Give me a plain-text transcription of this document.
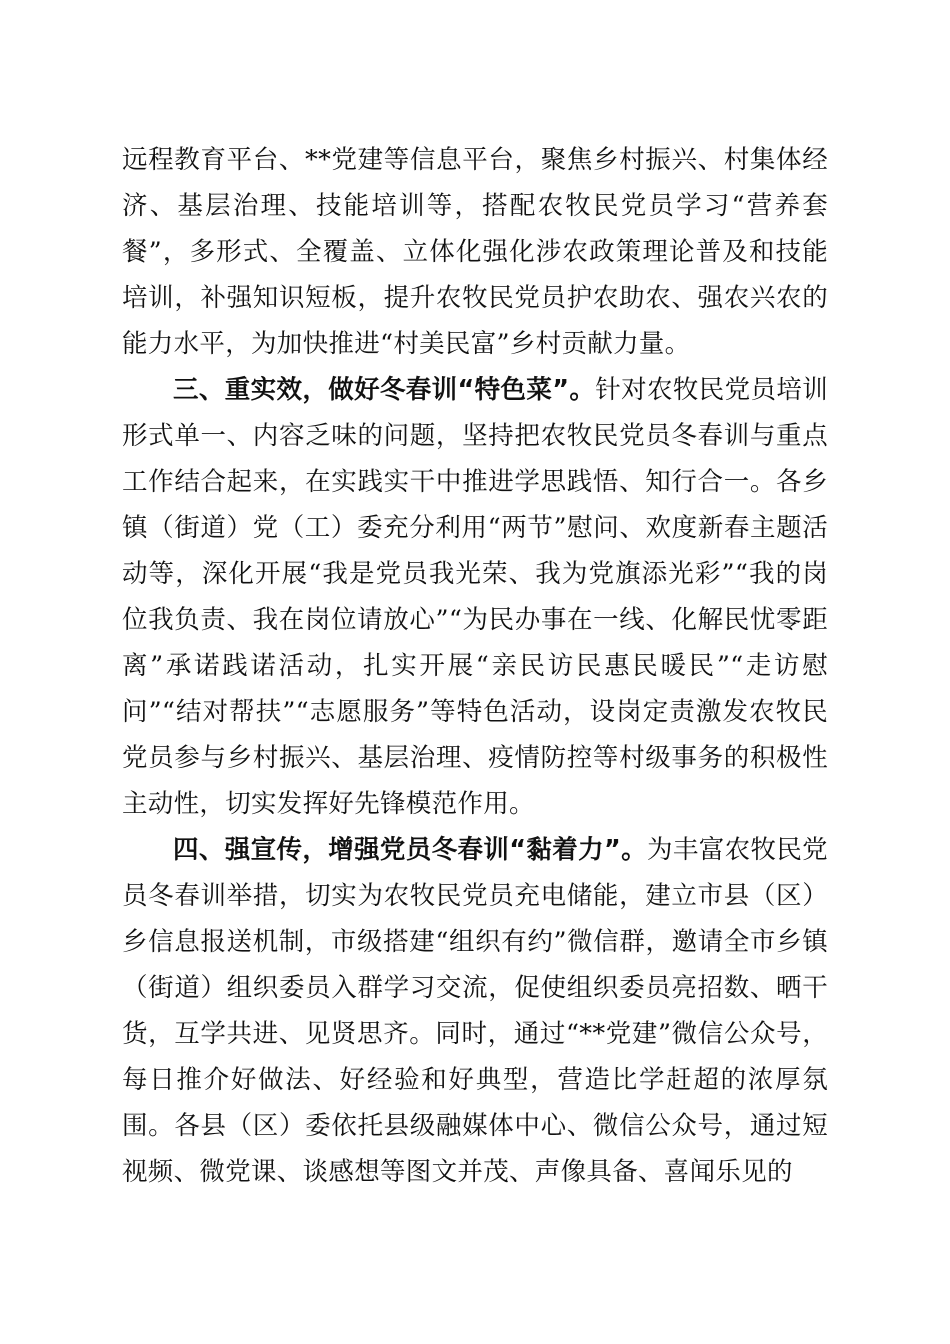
远程教育平台、**党建等信息平台，聚焦乡村振兴、村集体经济、基层治理、技能培训等，搭配农牧民党员学习“营养套餐”，多形式、全覆盖、立体化强化涉农政策理论普及和技能培训，补强知识短板，提升农牧民党员护农助农、强农兴农的能力水平，为加快推进“村美民富”乡村贡献力量。

三、重实效，做好冬春训“特色菜”。针对农牧民党员培训形式单一、内容乏味的问题，坚持把农牧民党员冬春训与重点工作结合起来，在实践实干中推进学思践悟、知行合一。各乡镇（街道）党（工）委充分利用“两节”慰问、欢度新春主题活动等，深化开展“我是党员我光荣、我为党旗添光彩”“我的岗位我负责、我在岗位请放心”“为民办事在一线、化解民忧零距离”承诺践诺活动，扎实开展“亲民访民惠民暖民”“走访慰问”“结对帮扶”“志愿服务”等特色活动，设岗定责激发农牧民党员参与乡村振兴、基层治理、疫情防控等村级事务的积极性主动性，切实发挥好先锋模范作用。

四、强宣传，增强党员冬春训“黏着力”。为丰富农牧民党员冬春训举措，切实为农牧民党员充电储能，建立市县（区）乡信息报送机制，市级搭建“组织有约”微信群，邀请全市乡镇（街道）组织委员入群学习交流，促使组织委员亮招数、晒干货，互学共进、见贤思齐。同时，通过“**党建”微信公众号，每日推介好做法、好经验和好典型，营造比学赶超的浓厚氛围。各县（区）委依托县级融媒体中心、微信公众号，通过短视频、微党课、谈感想等图文并茂、声像具备、喜闻乐见的
